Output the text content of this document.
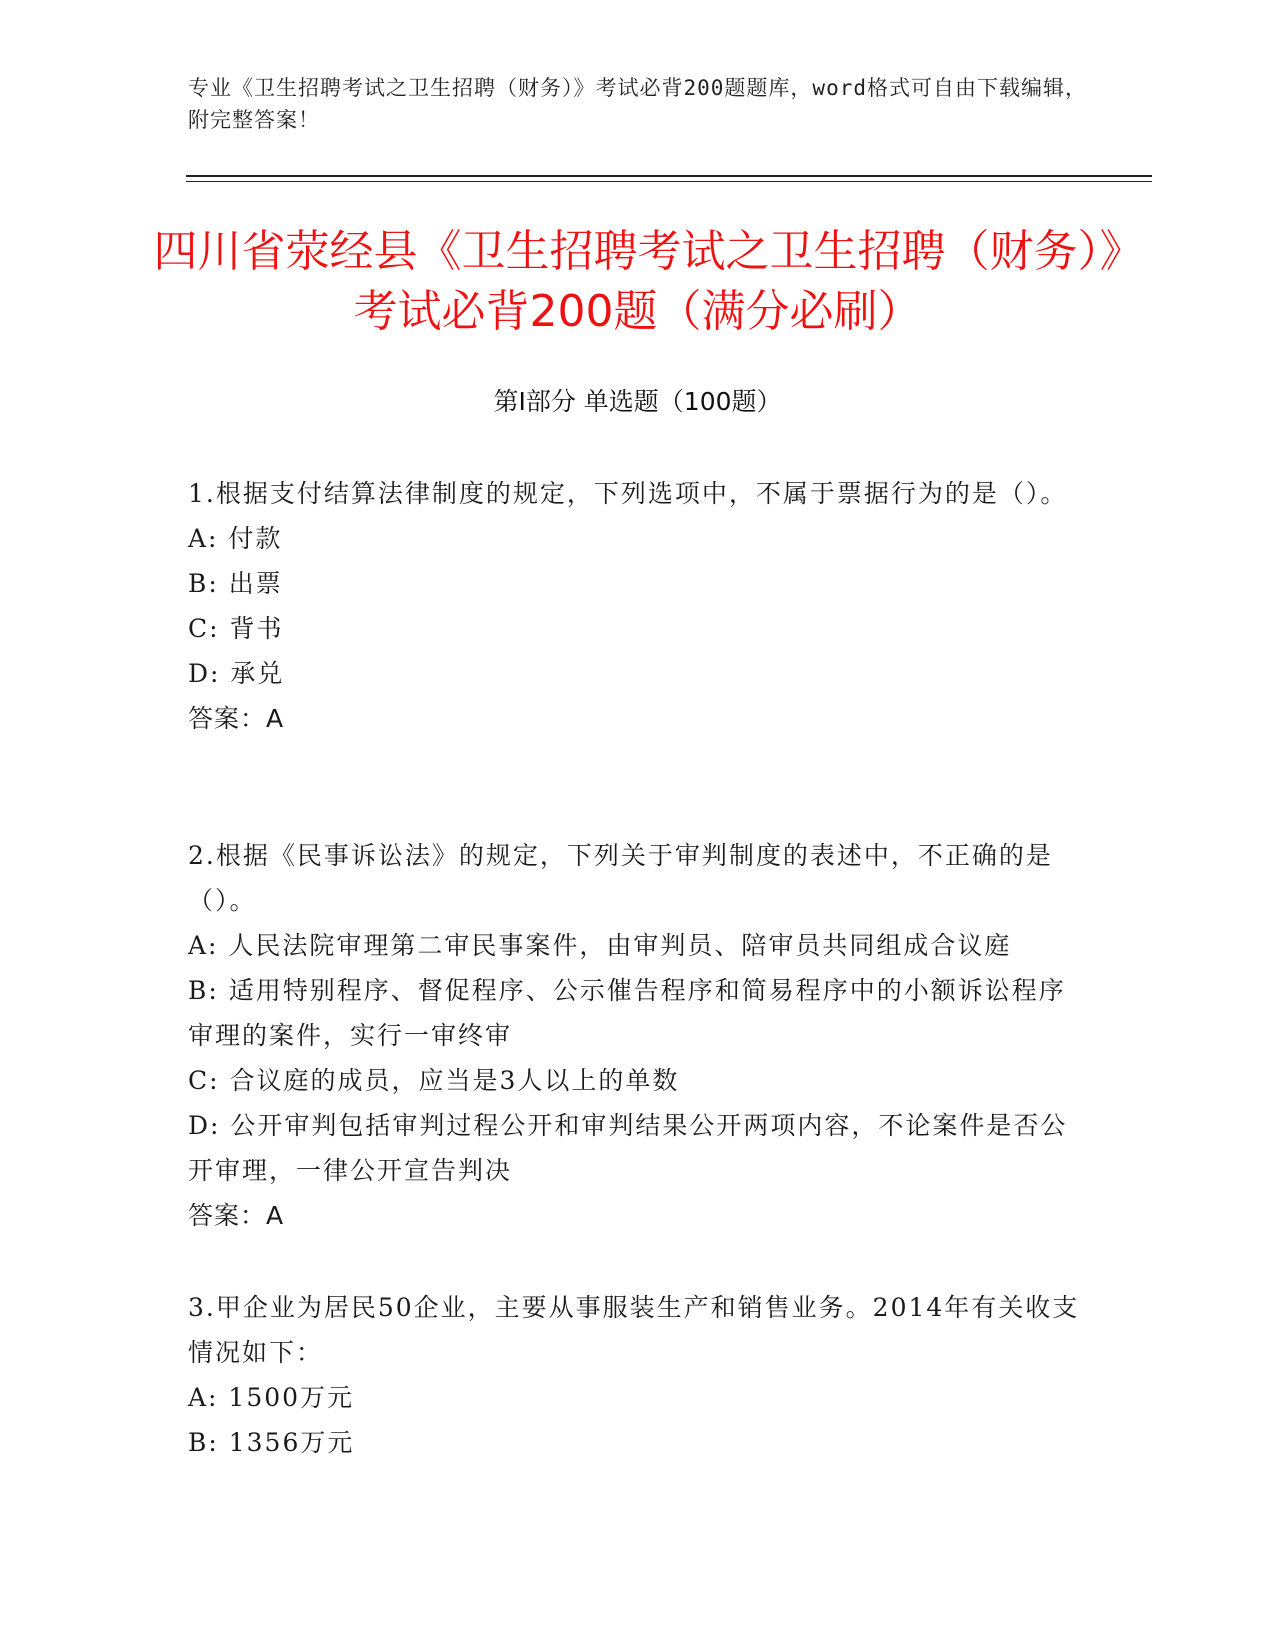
专业《卫生招聘考试之卫生招聘（财务）》考试必背200题题库，word格式可自由下载编辑，附完整答案！
四川省荥经县《卫生招聘考试之卫生招聘（财务）》考试必背200题（满分必刷）
第I部分 单选题（100题）
1.根据支付结算法律制度的规定，下列选项中，不属于票据行为的是（）。
A: 付款
B: 出票
C: 背书
D: 承兑
答案：A
2.根据《民事诉讼法》的规定，下列关于审判制度的表述中，不正确的是（）。
A: 人民法院审理第二审民事案件，由审判员、陪审员共同组成合议庭
B: 适用特别程序、督促程序、公示催告程序和简易程序中的小额诉讼程序审理的案件，实行一审终审
C: 合议庭的成员，应当是3人以上的单数
D: 公开审判包括审判过程公开和审判结果公开两项内容，不论案件是否公开审理，一律公开宣告判决
答案：A
3.甲企业为居民50企业，主要从事服装生产和销售业务。2014年有关收支情况如下：
A: 1500万元
B: 1356万元
